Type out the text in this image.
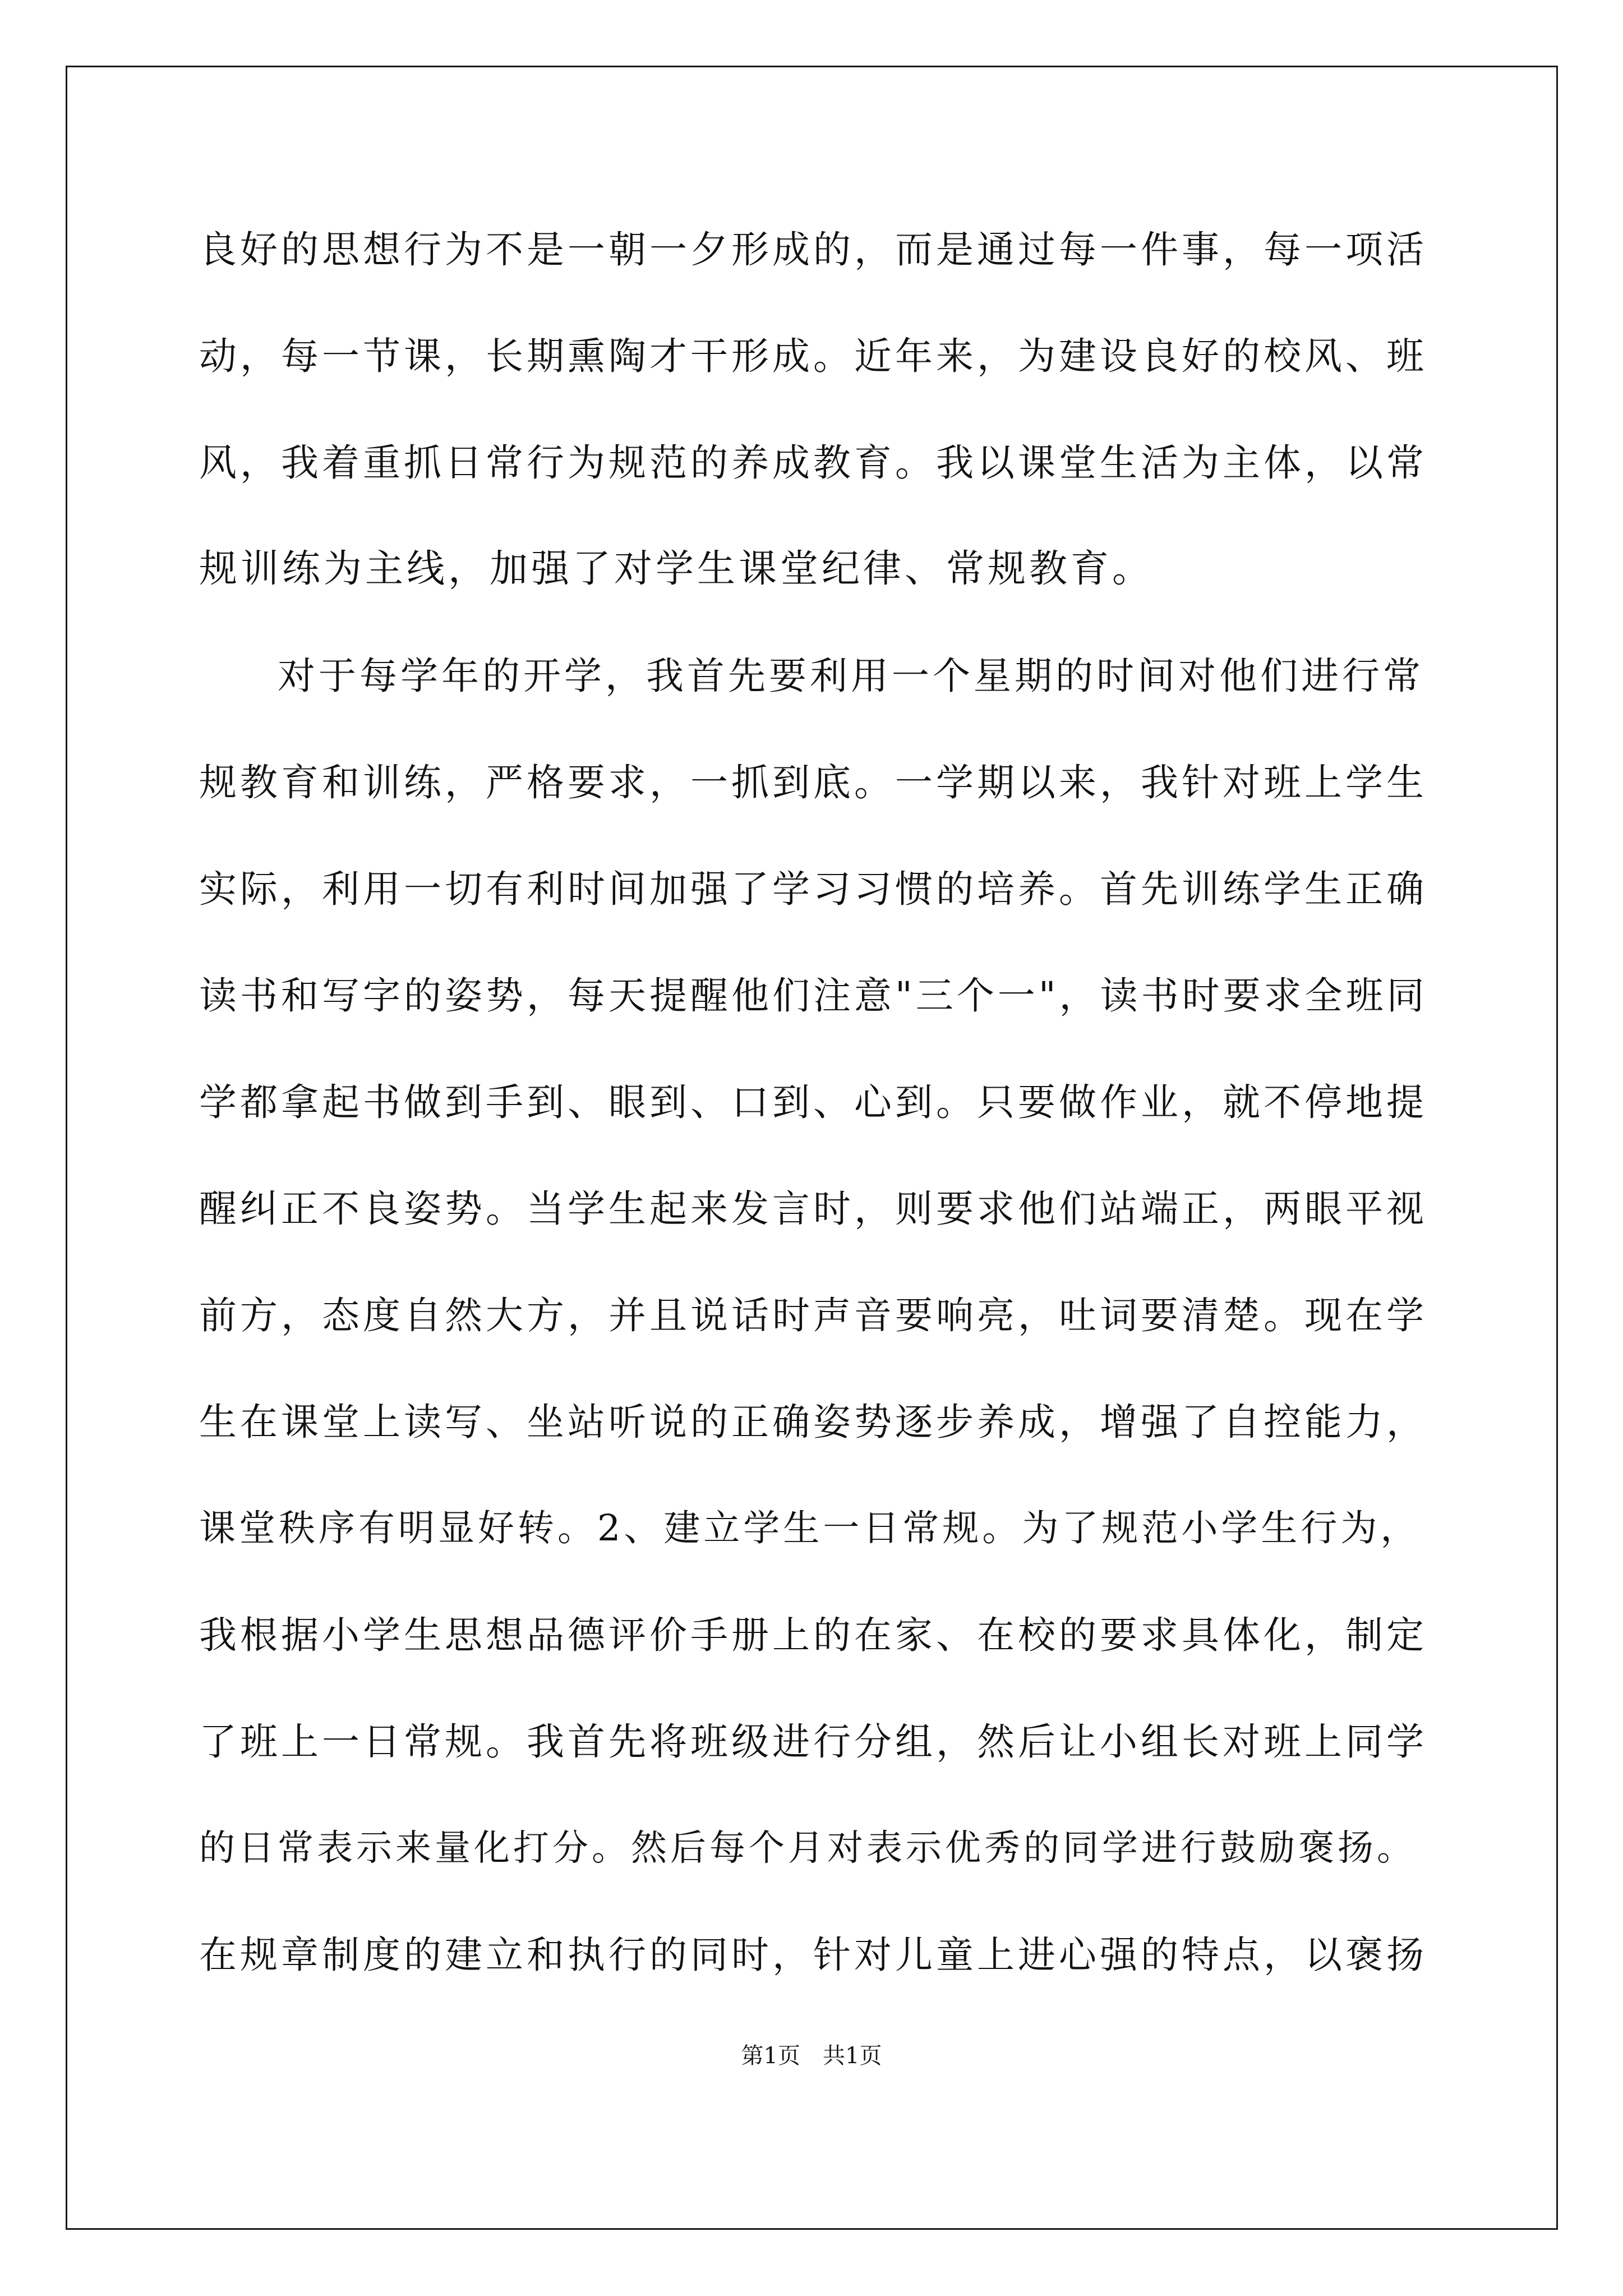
良好的思想行为不是一朝一夕形成的，而是通过每一件事，每一项活
动，每一节课，长期熏陶才干形成。近年来，为建设良好的校风、班
风，我着重抓日常行为规范的养成教育。我以课堂生活为主体，以常
规训练为主线，加强了对学生课堂纪律、常规教育。
对于每学年的开学，我首先要利用一个星期的时间对他们进行常
规教育和训练，严格要求，一抓到底。一学期以来，我针对班上学生
实际，利用一切有利时间加强了学习习惯的培养。首先训练学生正确
读书和写字的姿势，每天提醒他们注意"三个一"，读书时要求全班同
学都拿起书做到手到、眼到、口到、心到。只要做作业，就不停地提
醒纠正不良姿势。当学生起来发言时，则要求他们站端正，两眼平视
前方，态度自然大方，并且说话时声音要响亮，吐词要清楚。现在学
生在课堂上读写、坐站听说的正确姿势逐步养成，增强了自控能力，
课堂秩序有明显好转。2、建立学生一日常规。为了规范小学生行为，
我根据小学生思想品德评价手册上的在家、在校的要求具体化，制定
了班上一日常规。我首先将班级进行分组，然后让小组长对班上同学
的日常表示来量化打分。然后每个月对表示优秀的同学进行鼓励褒扬。
在规章制度的建立和执行的同时，针对儿童上进心强的特点，以褒扬
第1页　共1页
